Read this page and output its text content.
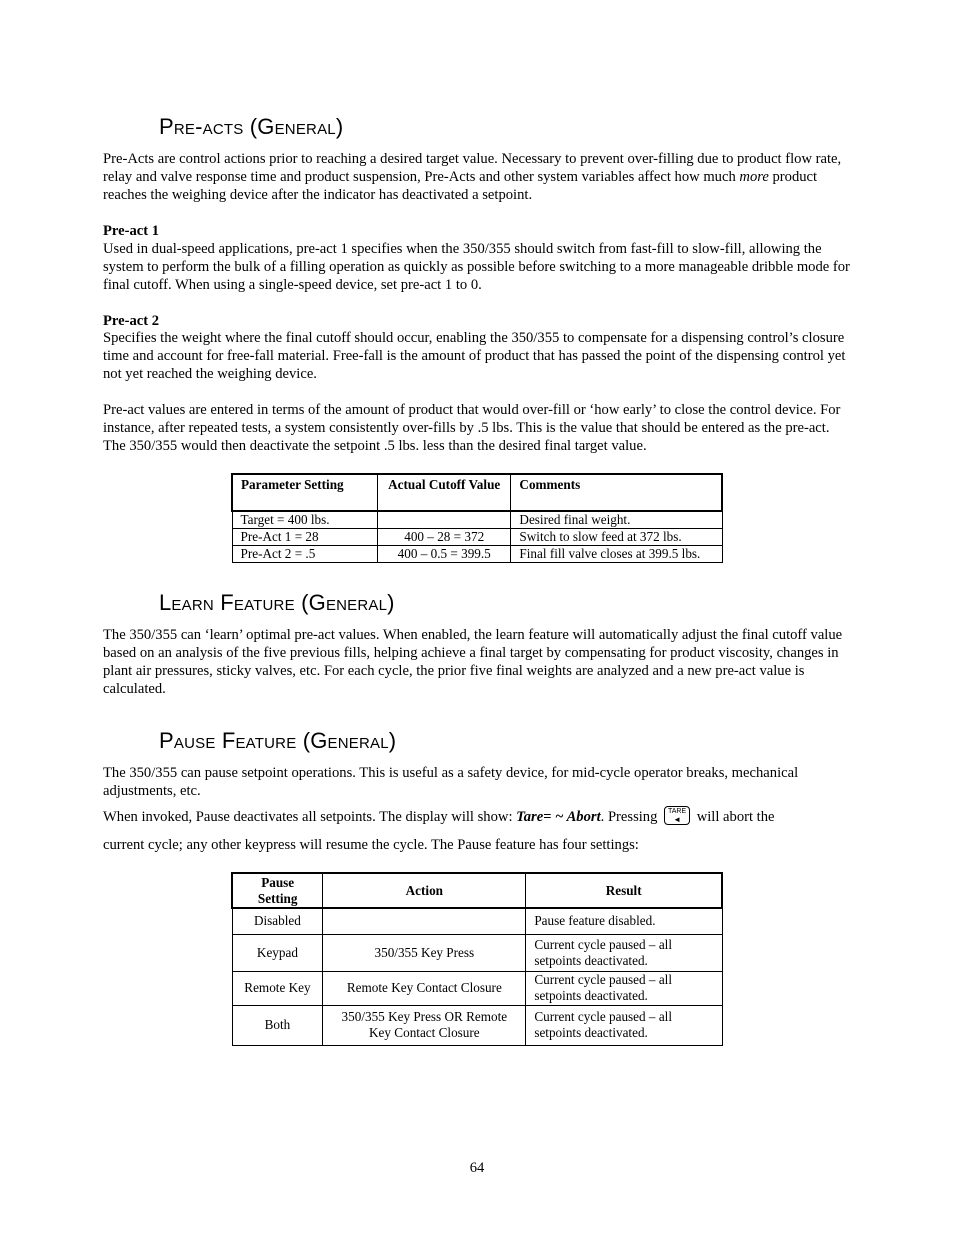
Pre-acts (General)

Pre-Acts are control actions prior to reaching a desired target value. Necessary to prevent over-filling due to product flow rate, relay and valve response time and product suspension, Pre-Acts and other system variables affect how much more product reaches the weighing device after the indicator has deactivated a setpoint.

Pre-act 1

Used in dual-speed applications, pre-act 1 specifies when the 350/355 should switch from fast-fill to slow-fill, allowing the system to perform the bulk of a filling operation as quickly as possible before switching to a more manageable dribble mode for final cutoff. When using a single-speed device, set pre-act 1 to 0.

Pre-act 2

Specifies the weight where the final cutoff should occur, enabling the 350/355 to compensate for a dispensing control’s closure time and account for free-fall material. Free-fall is the amount of product that has passed the point of the dispensing control yet not yet reached the weighing device.

Pre-act values are entered in terms of the amount of product that would over-fill or ‘how early’ to close the control device. For instance, after repeated tests, a system consistently over-fills by .5 lbs. This is the value that should be entered as the pre-act. The 350/355 would then deactivate the setpoint .5 lbs. less than the desired final target value.

Learn Feature (General)

The 350/355 can ‘learn’ optimal pre-act values. When enabled, the learn feature will automatically adjust the final cutoff value based on an analysis of the five previous fills, helping achieve a final target by compensating for product viscosity, changes in plant air pressures, sticky valves, etc. For each cycle, the prior five final weights are analyzed and a new pre-act value is calculated.

Pause Feature (General)

The 350/355 can pause setpoint operations. This is useful as a safety device, for mid-cycle operator breaks, mechanical adjustments, etc.

When invoked, Pause deactivates all setpoints. The display will show: Tare= ~ Abort. Pressing TARE
◄ will abort the

current cycle; any other keypress will resume the cycle. The Pause feature has four settings:

Parameter Setting	Actual Cutoff Value	Comments
Target = 400 lbs.		Desired final weight.
Pre-Act 1 = 28	400 – 28 = 372	Switch to slow feed at 372 lbs.
Pre-Act 2 = .5	400 – 0.5 = 399.5	Final fill valve closes at 399.5 lbs.
Pause Setting	Action	Result
Disabled		Pause feature disabled.
Keypad	350/355 Key Press	Current cycle paused – all setpoints deactivated.
Remote Key	Remote Key Contact Closure	Current cycle paused – all setpoints deactivated.
Both	350/355 Key Press OR Remote Key Contact Closure	Current cycle paused – all setpoints deactivated.
64
